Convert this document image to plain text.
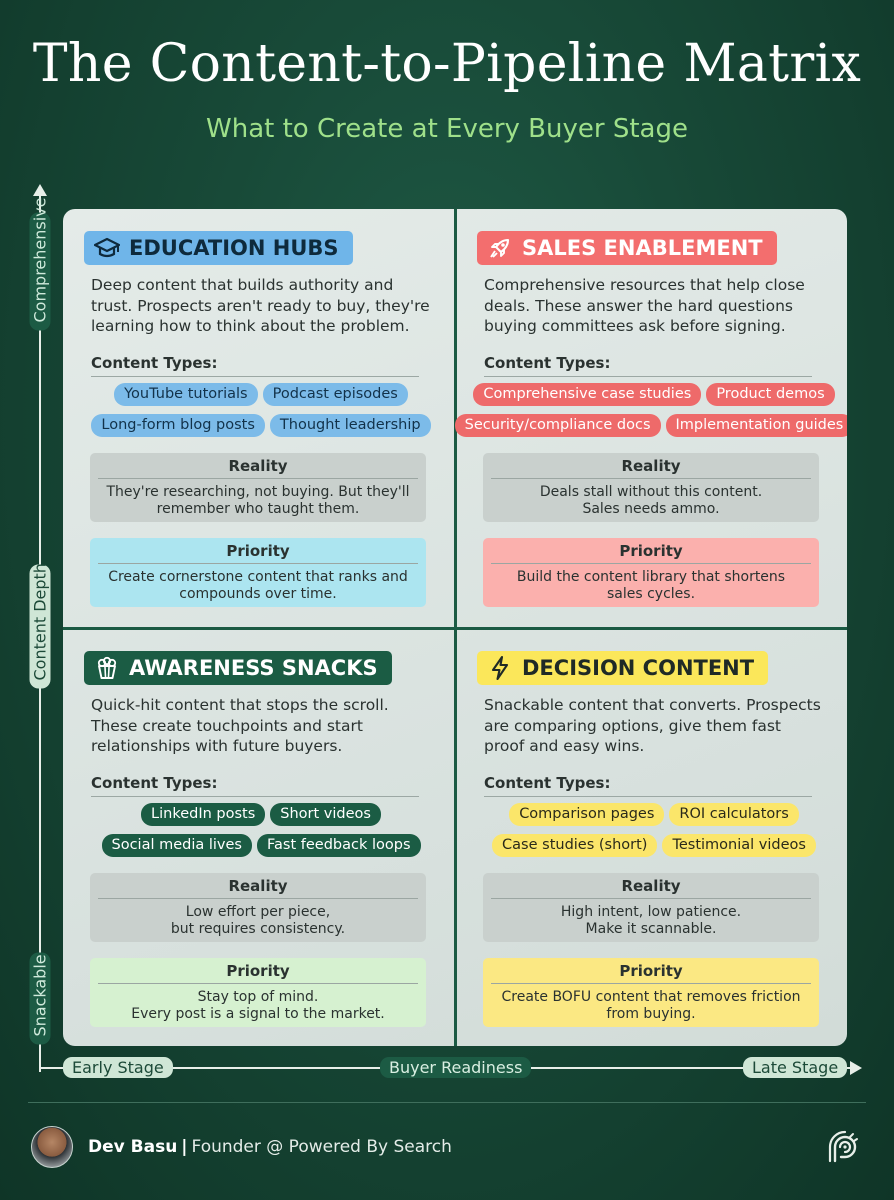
The Content-to-Pipeline Matrix
What to Create at Every Buyer Stage
Comprehensive
Content Depth
Snackable
Early Stage	Buyer Readiness	Late Stage
EDUCATION HUBS
Deep content that builds authority and trust. Prospects aren't ready to buy, they're learning how to think about the problem.
Content Types:
YouTube tutorials	Podcast episodes
Long-form blog posts	Thought leadership
Reality
They're researching, not buying. But they'll
remember who taught them.
Priority
Create cornerstone content that ranks and
compounds over time.
SALES ENABLEMENT
Comprehensive resources that help close deals. These answer the hard questions buying committees ask before signing.
Content Types:
Comprehensive case studies	Product demos
Security/compliance docs	Implementation guides
Reality
Deals stall without this content.
Sales needs ammo.
Priority
Build the content library that shortens
sales cycles.
AWARENESS SNACKS
Quick-hit content that stops the scroll. These create touchpoints and start relationships with future buyers.
Content Types:
LinkedIn posts	Short videos
Social media lives	Fast feedback loops
Reality
Low effort per piece,
but requires consistency.
Priority
Stay top of mind.
Every post is a signal to the market.
DECISION CONTENT
Snackable content that converts. Prospects are comparing options, give them fast proof and easy wins.
Content Types:
Comparison pages	ROI calculators
Case studies (short)	Testimonial videos
Reality
High intent, low patience.
Make it scannable.
Priority
Create BOFU content that removes friction
from buying.
Dev Basu | Founder @ Powered By Search
